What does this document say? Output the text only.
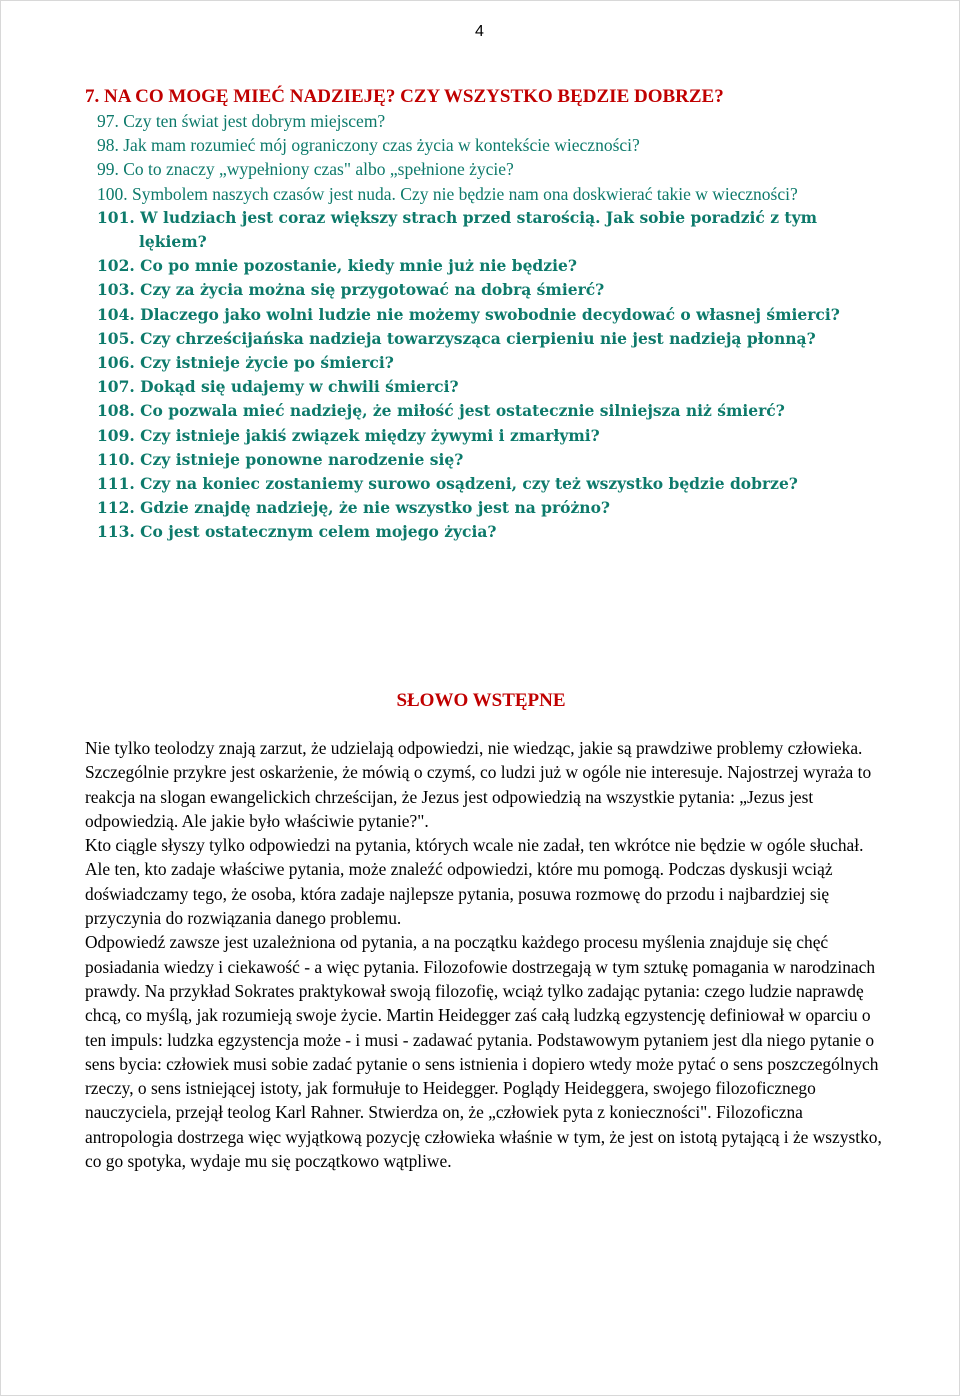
4
7. NA CO MOGĘ MIEĆ NADZIEJĘ? CZY WSZYSTKO BĘDZIE DOBRZE?
97. Czy ten świat jest dobrym miejscem?
98. Jak mam rozumieć mój ograniczony czas życia w kontekście wieczności?
99. Co to znaczy „wypełniony czas" albo „spełnione życie?
100. Symbolem naszych czasów jest nuda. Czy nie będzie nam ona doskwierać takie w wieczności?
101. W ludziach jest coraz większy strach przed starością. Jak sobie poradzić z tym lękiem?
102. Co po mnie pozostanie, kiedy mnie już nie będzie?
103. Czy za życia można się przygotować na dobrą śmierć?
104. Dlaczego jako wolni ludzie nie możemy swobodnie decydować o własnej śmierci?
105. Czy chrześcijańska nadzieja towarzysząca cierpieniu nie jest nadzieją płonną?
106. Czy istnieje życie po śmierci?
107. Dokąd się udajemy w chwili śmierci?
108. Co pozwala mieć nadzieję, że miłość jest ostatecznie silniejsza niż śmierć?
109. Czy istnieje jakiś związek między żywymi i zmarłymi?
110. Czy istnieje ponowne narodzenie się?
111. Czy na koniec zostaniemy surowo osądzeni, czy też wszystko będzie dobrze?
112. Gdzie znajdę nadzieję, że nie wszystko jest na próżno?
113. Co jest ostatecznym celem mojego życia?
SŁOWO WSTĘPNE

Nie tylko teolodzy znają zarzut, że udzielają odpowiedzi, nie wiedząc, jakie są prawdziwe problemy człowieka. Szczególnie przykre jest oskarżenie, że mówią o czymś, co ludzi już w ogóle nie interesuje. Najostrzej wyraża to reakcja na slogan ewangelickich chrześcijan, że Jezus jest odpowiedzią na wszystkie pytania: „Jezus jest odpowiedzią. Ale jakie było właściwie pytanie?".

Kto ciągle słyszy tylko odpowiedzi na pytania, których wcale nie zadał, ten wkrótce nie będzie w ogóle słuchał. Ale ten, kto zadaje właściwe pytania, może znaleźć odpowiedzi, które mu pomogą. Podczas dyskusji wciąż doświadczamy tego, że osoba, która zadaje najlepsze pytania, posuwa rozmowę do przodu i najbardziej się przyczynia do rozwiązania danego problemu.

Odpowiedź zawsze jest uzależniona od pytania, a na początku każdego procesu myślenia znajduje się chęć posiadania wiedzy i ciekawość - a więc pytania. Filozofowie dostrzegają w tym sztukę pomagania w narodzinach prawdy. Na przykład Sokrates praktykował swoją filozofię, wciąż tylko zadając pytania: czego ludzie naprawdę chcą, co myślą, jak rozumieją swoje życie. Martin Heidegger zaś całą ludzką egzystencję definiował w oparciu o ten impuls: ludzka egzystencja może - i musi - zadawać pytania. Podstawowym pytaniem jest dla niego pytanie o sens bycia: człowiek musi sobie zadać pytanie o sens istnienia i dopiero wtedy może pytać o sens poszczególnych rzeczy, o sens istniejącej istoty, jak formułuje to Heidegger. Poglądy Heideggera, swojego filozoficznego nauczyciela, przejął teolog Karl Rahner. Stwierdza on, że „człowiek pyta z konieczności". Filozoficzna antropologia dostrzega więc wyjątkową pozycję człowieka właśnie w tym, że jest on istotą pytającą i że wszystko, co go spotyka, wydaje mu się początkowo wątpliwe.
